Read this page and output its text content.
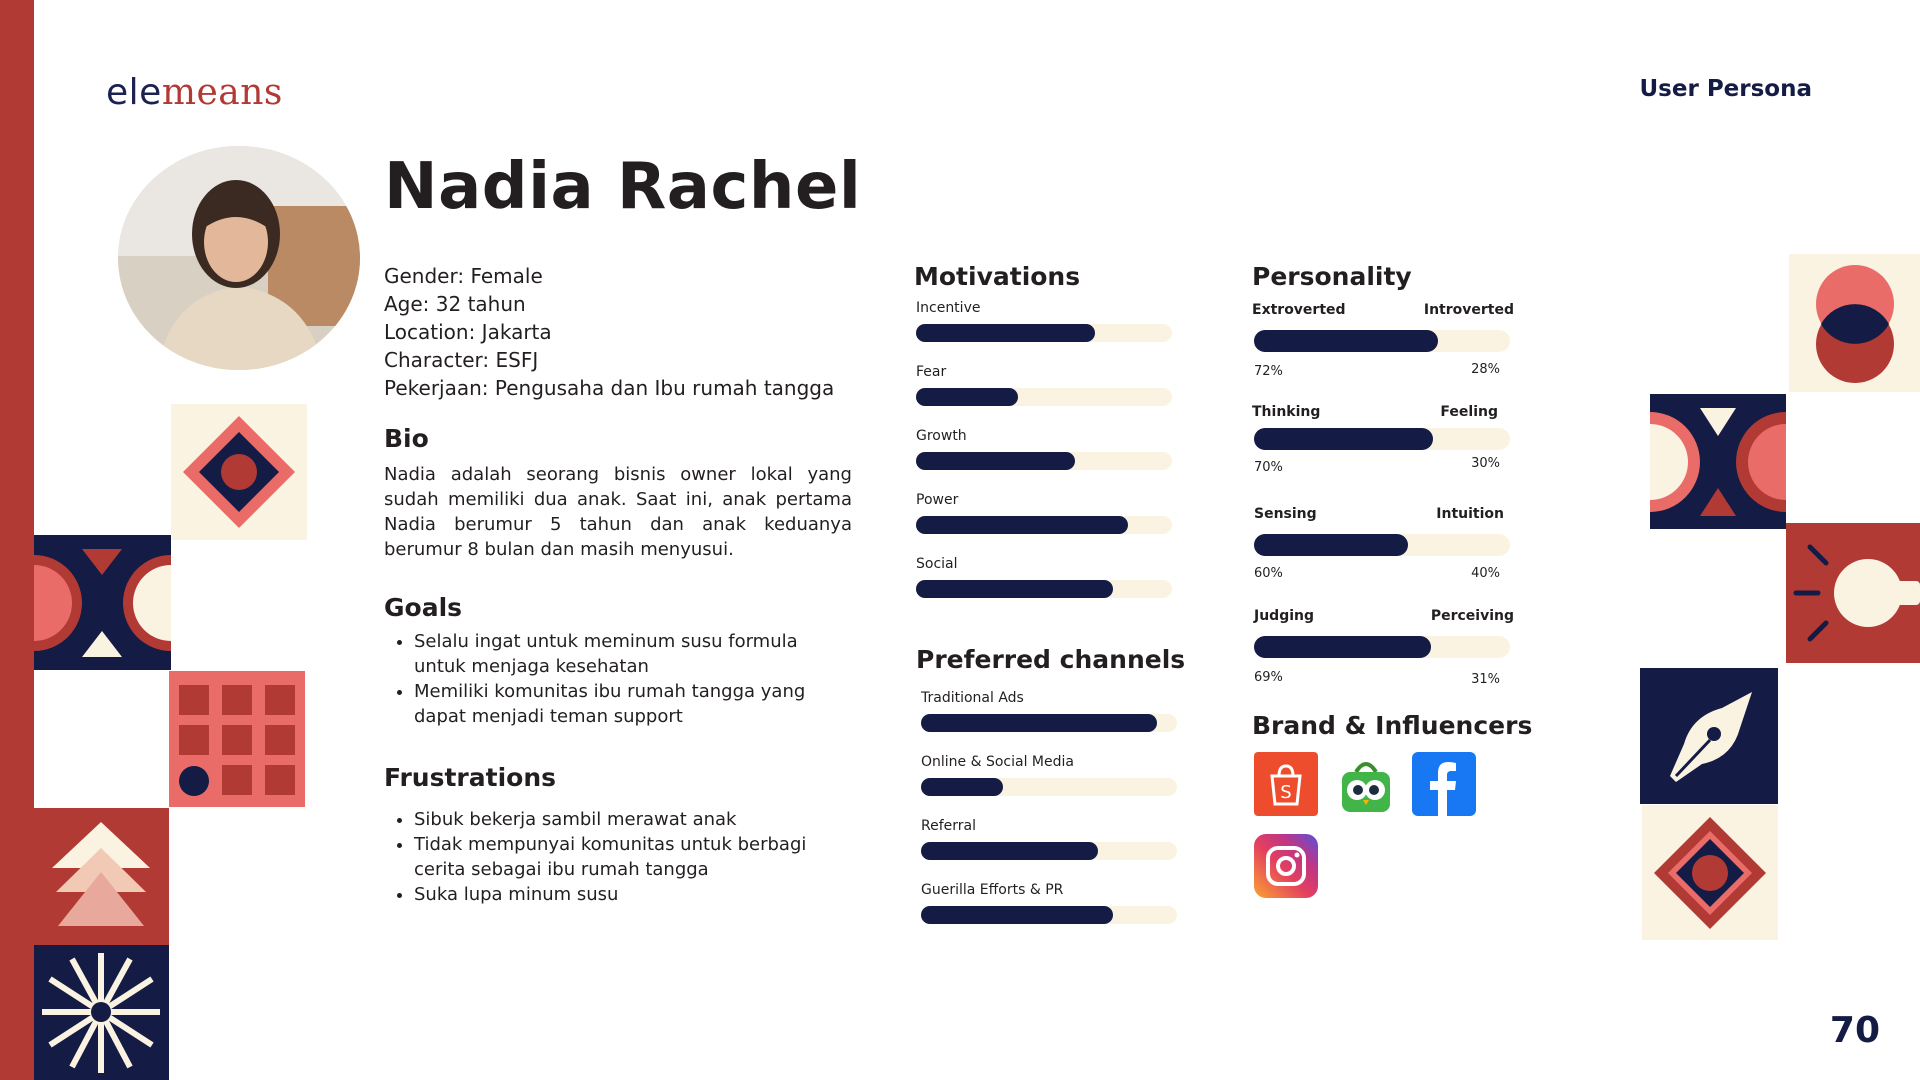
elemeans	User Persona
Nadia Rachel
Gender: Female
Age: 32 tahun
Location: Jakarta
Character: ESFJ
Pekerjaan: Pengusaha dan Ibu rumah tangga
Bio
Nadia adalah seorang bisnis owner lokal yang sudah memiliki dua anak. Saat ini, anak pertama Nadia berumur 5 tahun dan anak keduanya berumur 8 bulan dan masih menyusui.
Goals
• Selalu ingat untuk meminum susu formula untuk menjaga kesehatan
• Memiliki komunitas ibu rumah tangga yang dapat menjadi teman support
Frustrations
• Sibuk bekerja sambil merawat anak
• Tidak mempunyai komunitas untuk berbagi cerita sebagai ibu rumah tangga
• Suka lupa minum susu
Motivations
Incentive
Fear
Growth
Power
Social
Preferred channels
Traditional Ads
Online & Social Media
Referral
Guerilla Efforts & PR
Personality
Extroverted	Introverted
72%	28%
Thinking	Feeling
70%	30%
Sensing	Intuition
60%	40%
Judging	Perceiving
69%	31%
Brand & Influencers
S
70
